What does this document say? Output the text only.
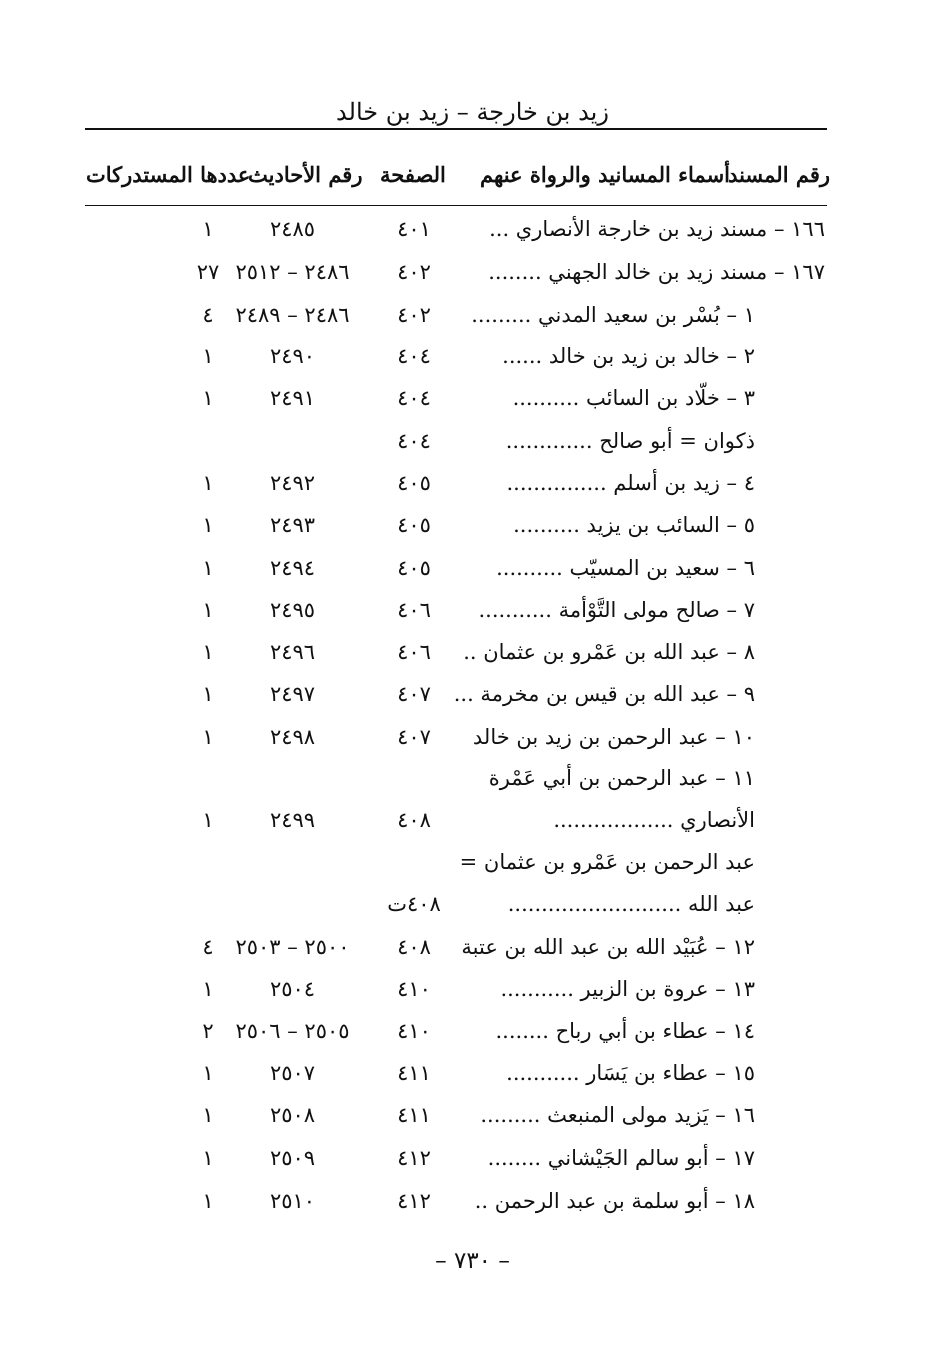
زيد بن خارجة – زيد بن خالد
رقم المسند
أسماء المسانيد والرواة عنهم
الصفحة
رقم الأحاديث
عددها المستدركات
١٦٦ – مسند زيد بن خارجة الأنصاري ...
٤٠١
٢٤٨٥
١
١٦٧ – مسند زيد بن خالد الجهني ........
٤٠٢
٢٤٨٦ – ٢٥١٢
٢٧
١ – بُسْر بن سعيد المدني .........
٤٠٢
٢٤٨٦ – ٢٤٨٩
٤
٢ – خالد بن زيد بن خالد ......
٤٠٤
٢٤٩٠
١
٣ – خلّاد بن السائب ..........
٤٠٤
٢٤٩١
١
ذكوان = أبو صالح .............
٤٠٤
٤ – زيد بن أسلم ...............
٤٠٥
٢٤٩٢
١
٥ – السائب بن يزيد ..........
٤٠٥
٢٤٩٣
١
٦ – سعيد بن المسيّب ..........
٤٠٥
٢٤٩٤
١
٧ – صالح مولى التَّوْأمة ...........
٤٠٦
٢٤٩٥
١
٨ – عبد الله بن عَمْرو بن عثمان ..
٤٠٦
٢٤٩٦
١
٩ – عبد الله بن قيس بن مخرمة ...
٤٠٧
٢٤٩٧
١
١٠ – عبد الرحمن بن زيد بن خالد
٤٠٧
٢٤٩٨
١
١١ – عبد الرحمن بن أبي عَمْرة
الأنصاري ..................
٤٠٨
٢٤٩٩
١
عبد الرحمن بن عَمْرو بن عثمان =
عبد الله ..........................
٤٠٨ت
١٢ – عُبَيْد الله بن عبد الله بن عتبة
٤٠٨
٢٥٠٠ – ٢٥٠٣
٤
١٣ – عروة بن الزبير ...........
٤١٠
٢٥٠٤
١
١٤ – عطاء بن أبي رباح ........
٤١٠
٢٥٠٥ – ٢٥٠٦
٢
١٥ – عطاء بن يَسَار ...........
٤١١
٢٥٠٧
١
١٦ – يَزيد مولى المنبعث .........
٤١١
٢٥٠٨
١
١٧ – أبو سالم الجَيْشاني ........
٤١٢
٢٥٠٩
١
١٨ – أبو سلمة بن عبد الرحمن ..
٤١٢
٢٥١٠
١
– ٧٣٠ –
